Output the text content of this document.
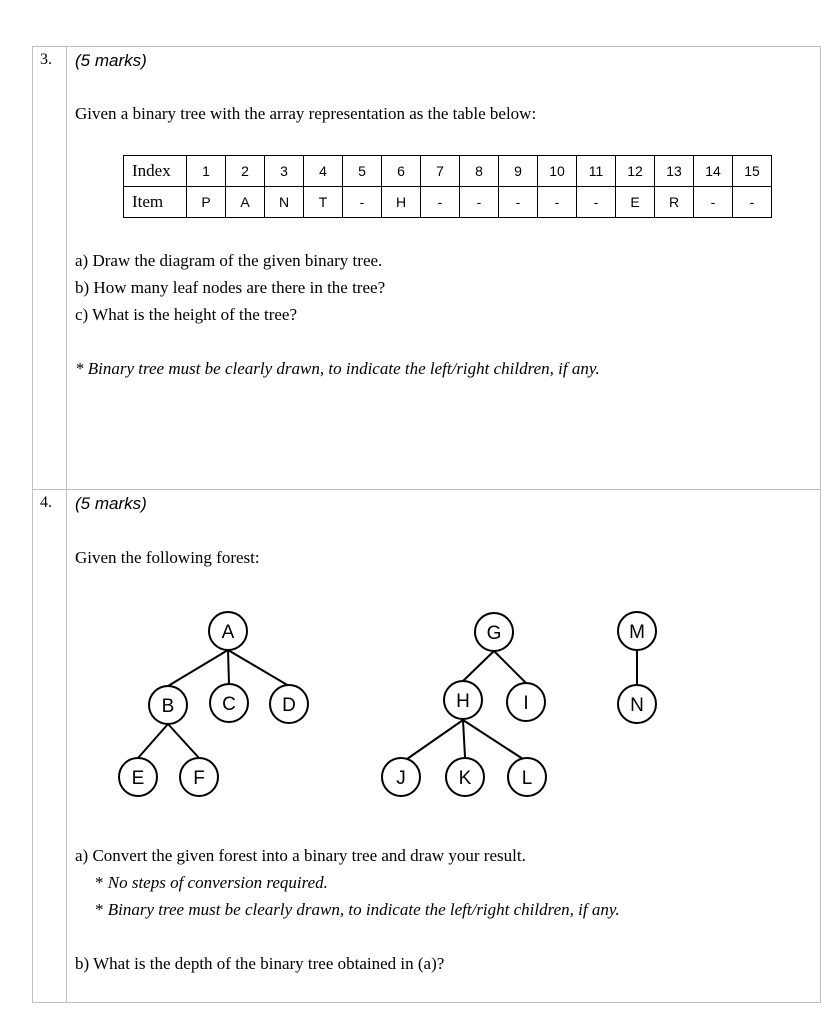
3. (5 marks)
Given a binary tree with the array representation as the table below:
Index	1	2	3	4	5	6	7	8	9	10	11	12	13	14	15
Item	P	A	N	T	-	H	-	-	-	-	-	E	R	-	-
a) Draw the diagram of the given binary tree.
b) How many leaf nodes are there in the tree?
c) What is the height of the tree?
* Binary tree must be clearly drawn, to indicate the left/right children, if any.
4. (5 marks)
Given the following forest:
A
B	C D
E	F
G
H	I
J	K	L
M
N
a) Convert the given forest into a binary tree and draw your result.
* No steps of conversion required.
* Binary tree must be clearly drawn, to indicate the left/right children, if any.
b) What is the depth of the binary tree obtained in (a)?
